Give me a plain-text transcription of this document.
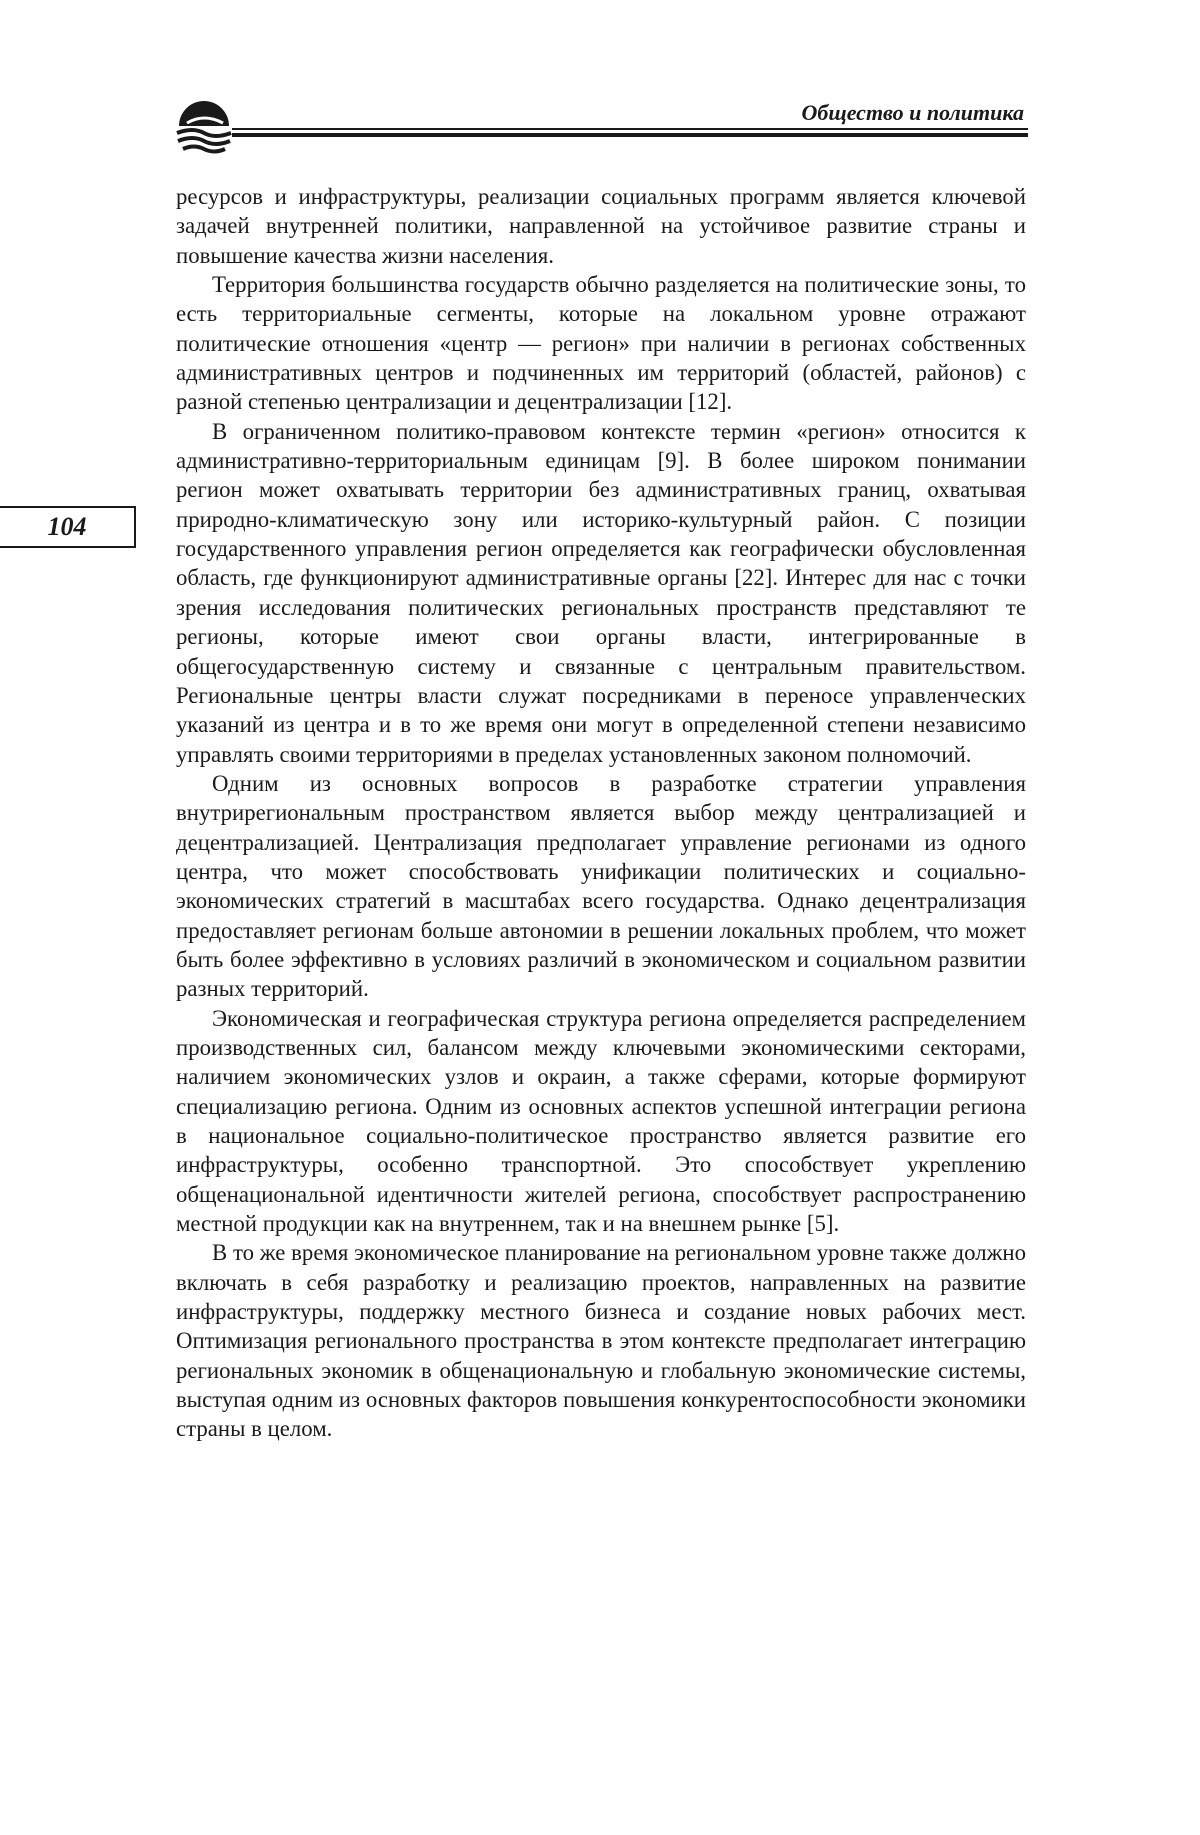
Общество и политика
104

ресурсов и инфраструктуры, реализации социальных программ является ключевой задачей внутренней политики, направленной на устойчивое развитие страны и повышение качества жизни населения.

Территория большинства государств обычно разделяется на политические зоны, то есть территориальные сегменты, которые на локальном уровне отражают политические отношения «центр — регион» при наличии в регионах собственных административных центров и подчиненных им территорий (областей, районов) с разной степенью централизации и децентрализации [12].

В ограниченном политико-правовом контексте термин «регион» относится к административно-территориальным единицам [9]. В более широком понимании регион может охватывать территории без административных границ, охватывая природно-климатическую зону или историко-культурный район. С позиции государственного управления регион определяется как географически обусловленная область, где функционируют административные органы [22]. Интерес для нас с точки зрения исследования политических региональных пространств представляют те регионы, которые имеют свои органы власти, интегрированные в общегосударственную систему и связанные с центральным правительством. Региональные центры власти служат посредниками в переносе управленческих указаний из центра и в то же время они могут в определенной степени независимо управлять своими территориями в пределах установленных законом полномочий.

Одним из основных вопросов в разработке стратегии управления внутрирегиональным пространством является выбор между централизацией и децентрализацией. Централизация предполагает управление регионами из одного центра, что может способствовать унификации политических и социально-экономических стратегий в масштабах всего государства. Однако децентрализация предоставляет регионам больше автономии в решении локальных проблем, что может быть более эффективно в условиях различий в экономическом и социальном развитии разных территорий.

Экономическая и географическая структура региона определяется распределением производственных сил, балансом между ключевыми экономическими секторами, наличием экономических узлов и окраин, а также сферами, которые формируют специализацию региона. Одним из основных аспектов успешной интеграции региона в национальное социально-политическое пространство является развитие его инфраструктуры, особенно транспортной. Это способствует укреплению общенациональной идентичности жителей региона, способствует распространению местной продукции как на внутреннем, так и на внешнем рынке [5].

В то же время экономическое планирование на региональном уровне также должно включать в себя разработку и реализацию проектов, направленных на развитие инфраструктуры, поддержку местного бизнеса и создание новых рабочих мест. Оптимизация регионального пространства в этом контексте предполагает интеграцию региональных экономик в общенациональную и глобальную экономические системы, выступая одним из основных факторов повышения конкурентоспособности экономики страны в целом.
